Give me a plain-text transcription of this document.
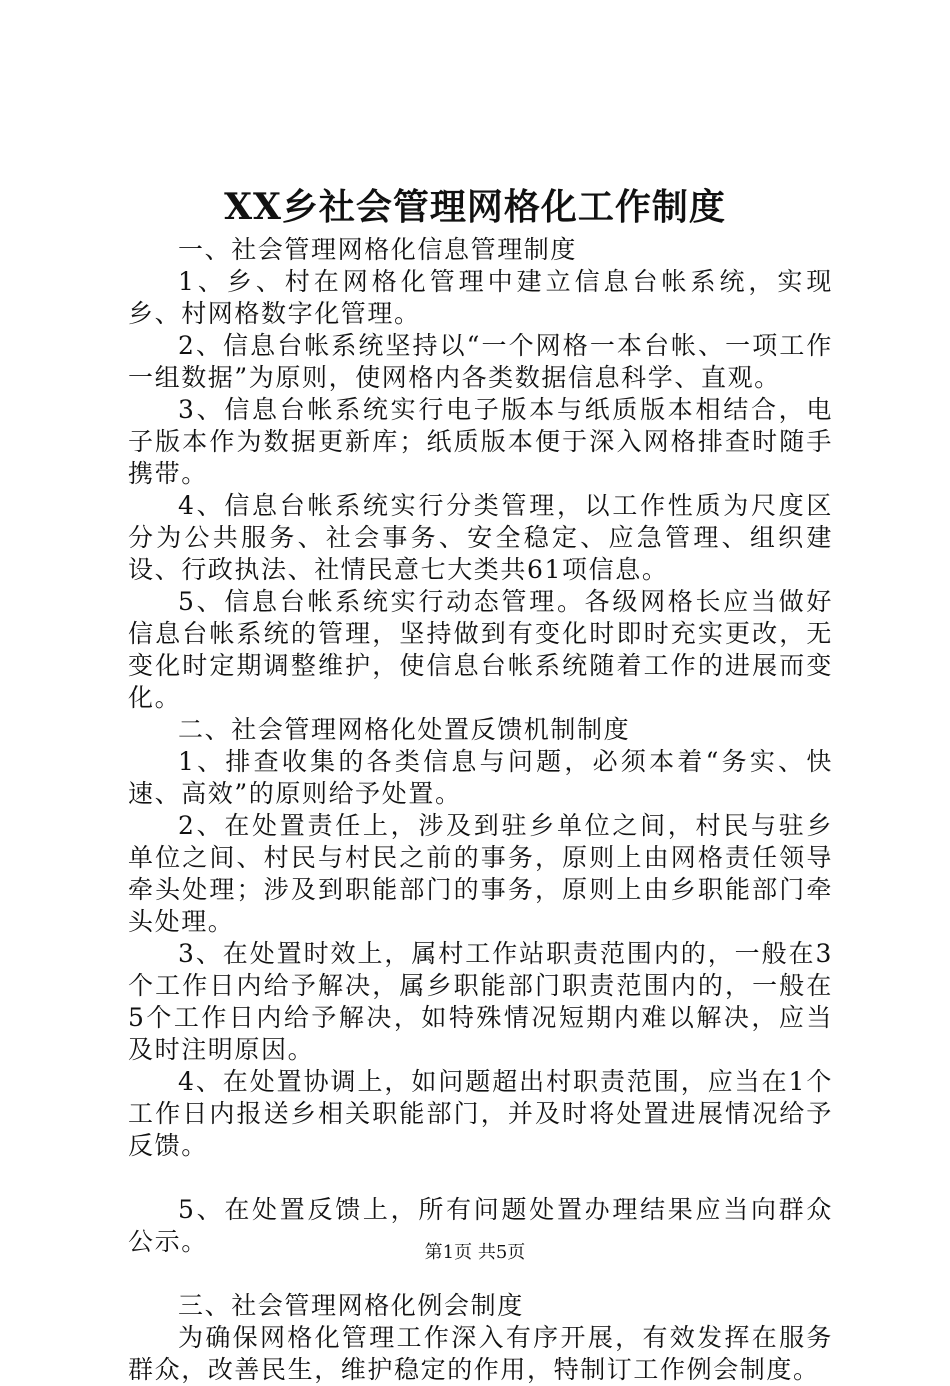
XX乡社会管理网格化工作制度

一、社会管理网格化信息管理制度

1、乡、村在网格化管理中建立信息台帐系统，实现乡、村网格数字化管理。

2、信息台帐系统坚持以“一个网格一本台帐、一项工作一组数据”为原则，使网格内各类数据信息科学、直观。

3、信息台帐系统实行电子版本与纸质版本相结合，电子版本作为数据更新库；纸质版本便于深入网格排查时随手携带。

4、信息台帐系统实行分类管理，以工作性质为尺度区分为公共服务、社会事务、安全稳定、应急管理、组织建设、行政执法、社情民意七大类共61项信息。

5、信息台帐系统实行动态管理。各级网格长应当做好信息台帐系统的管理，坚持做到有变化时即时充实更改，无变化时定期调整维护，使信息台帐系统随着工作的进展而变化。

二、社会管理网格化处置反馈机制制度

1、排查收集的各类信息与问题，必须本着“务实、快速、高效”的原则给予处置。

2、在处置责任上，涉及到驻乡单位之间，村民与驻乡单位之间、村民与村民之前的事务，原则上由网格责任领导牵头处理；涉及到职能部门的事务，原则上由乡职能部门牵头处理。

3、在处置时效上，属村工作站职责范围内的，一般在3个工作日内给予解决，属乡职能部门职责范围内的，一般在5个工作日内给予解决，如特殊情况短期内难以解决，应当及时注明原因。

4、在处置协调上，如问题超出村职责范围，应当在1个工作日内报送乡相关职能部门，并及时将处置进展情况给予反馈。

5、在处置反馈上，所有问题处置办理结果应当向群众公示。

三、社会管理网格化例会制度

为确保网格化管理工作深入有序开展，有效发挥在服务群众，改善民生，维护稳定的作用，特制订工作例会制度。

第1页 共5页
